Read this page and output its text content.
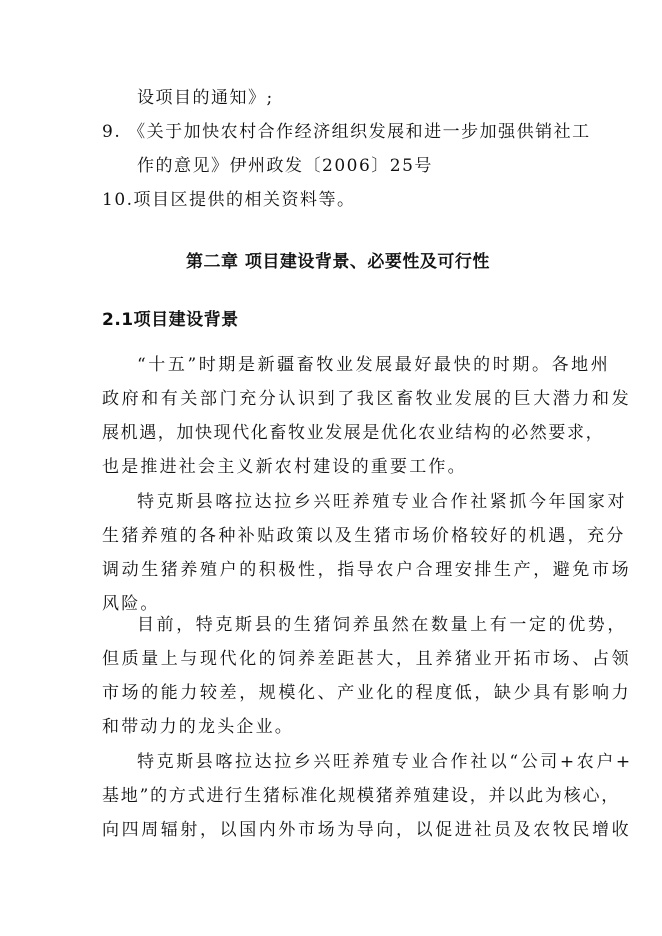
设项目的通知》;
9. 《关于加快农村合作经济组织发展和进一步加强供销社工
作的意见》伊州政发〔2006〕25号
10.项目区提供的相关资料等。
第二章 项目建设背景、必要性及可行性
2.1项目建设背景
“十五”时期是新疆畜牧业发展最好最快的时期。各地州
政府和有关部门充分认识到了我区畜牧业发展的巨大潜力和发
展机遇，加快现代化畜牧业发展是优化农业结构的必然要求，
也是推进社会主义新农村建设的重要工作。
特克斯县喀拉达拉乡兴旺养殖专业合作社紧抓今年国家对
生猪养殖的各种补贴政策以及生猪市场价格较好的机遇，充分
调动生猪养殖户的积极性，指导农户合理安排生产，避免市场
风险。
目前，特克斯县的生猪饲养虽然在数量上有一定的优势，
但质量上与现代化的饲养差距甚大，且养猪业开拓市场、占领
市场的能力较差，规模化、产业化的程度低，缺少具有影响力
和带动力的龙头企业。
特克斯县喀拉达拉乡兴旺养殖专业合作社以“公司+农户+
基地”的方式进行生猪标准化规模猪养殖建设，并以此为核心，
向四周辐射，以国内外市场为导向，以促进社员及农牧民增收
